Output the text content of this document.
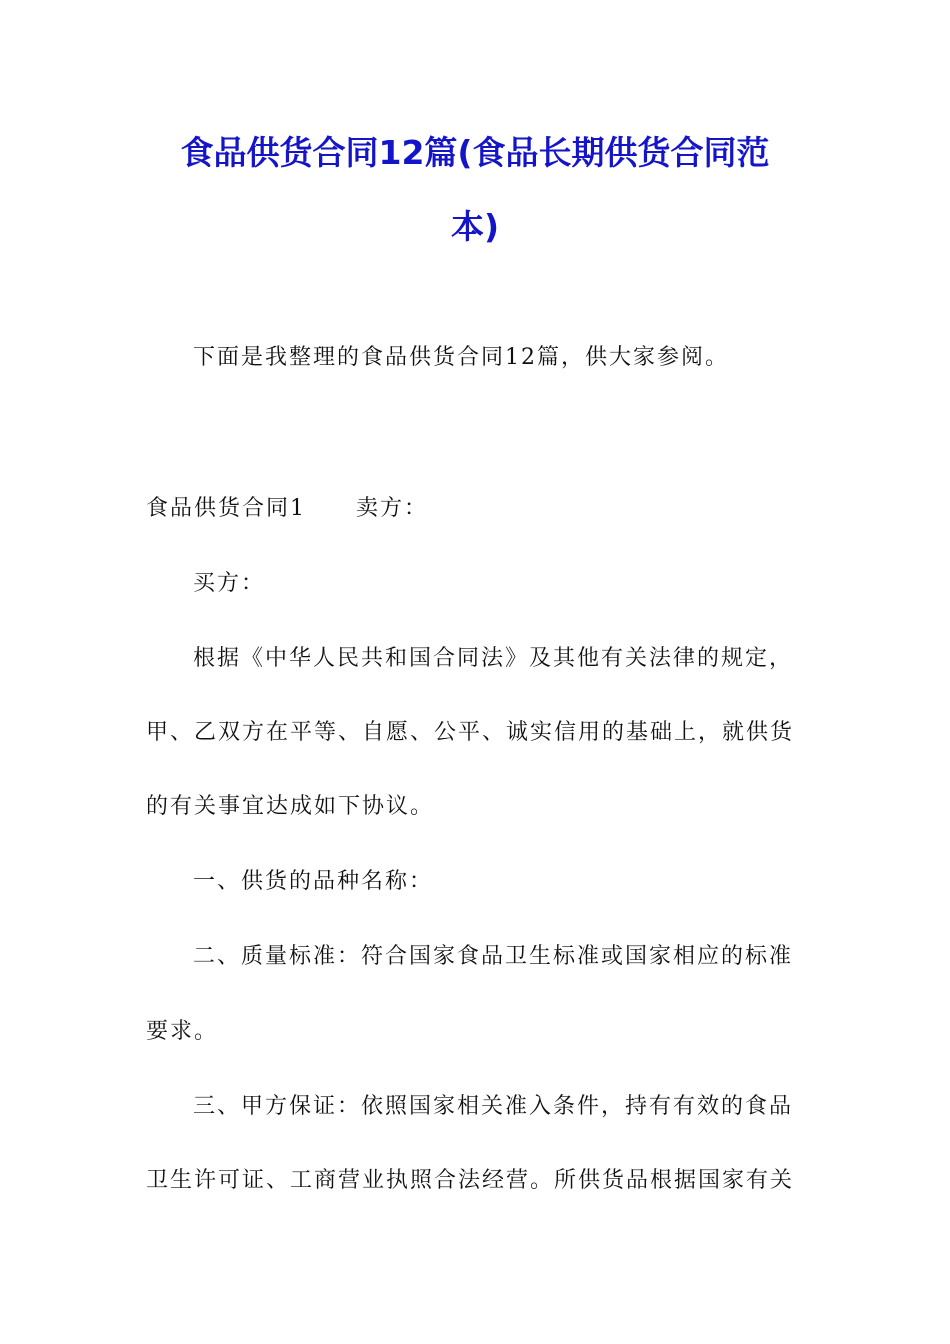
食品供货合同12篇(食品长期供货合同范
本)
下面是我整理的食品供货合同12篇，供大家参阅。
食品供货合同1 卖方：
买方：
根据《中华人民共和国合同法》及其他有关法律的规定，
甲、乙双方在平等、自愿、公平、诚实信用的基础上，就供货
的有关事宜达成如下协议。
一、供货的品种名称：
二、质量标准：符合国家食品卫生标准或国家相应的标准
要求。
三、甲方保证：依照国家相关准入条件，持有有效的食品
卫生许可证、工商营业执照合法经营。所供货品根据国家有关
